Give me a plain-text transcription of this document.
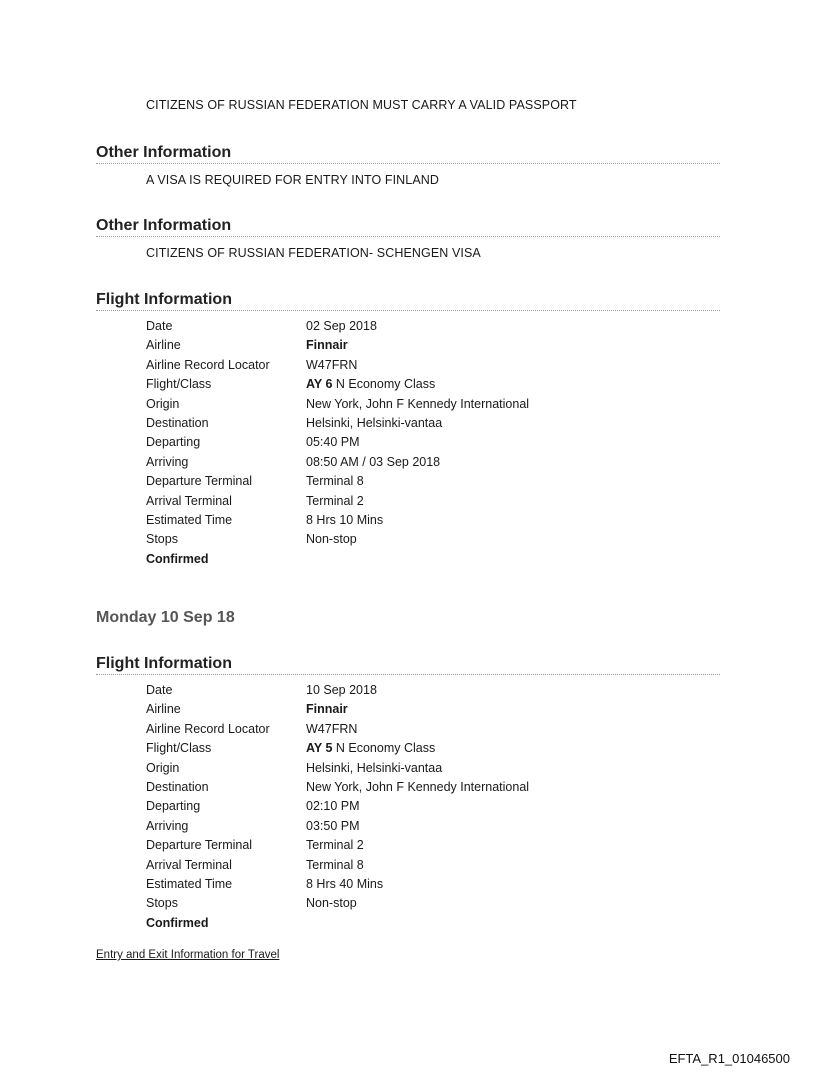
CITIZENS OF RUSSIAN FEDERATION MUST CARRY A VALID PASSPORT
Other Information
A VISA IS REQUIRED FOR ENTRY INTO FINLAND
Other Information
CITIZENS OF RUSSIAN FEDERATION- SCHENGEN VISA
Flight Information
Date	02 Sep 2018
Airline	Finnair
Airline Record Locator	W47FRN
Flight/Class	AY 6 N Economy Class
Origin	New York, John F Kennedy International
Destination	Helsinki, Helsinki-vantaa
Departing	05:40 PM
Arriving	08:50 AM / 03 Sep 2018
Departure Terminal	Terminal 8
Arrival Terminal	Terminal 2
Estimated Time	8 Hrs 10 Mins
Stops	Non-stop
Confirmed
Monday 10 Sep 18
Flight Information
Date	10 Sep 2018
Airline	Finnair
Airline Record Locator	W47FRN
Flight/Class	AY 5 N Economy Class
Origin	Helsinki, Helsinki-vantaa
Destination	New York, John F Kennedy International
Departing	02:10 PM
Arriving	03:50 PM
Departure Terminal	Terminal 2
Arrival Terminal	Terminal 8
Estimated Time	8 Hrs 40 Mins
Stops	Non-stop
Confirmed
Entry and Exit Information for Travel
EFTA_R1_01046500
